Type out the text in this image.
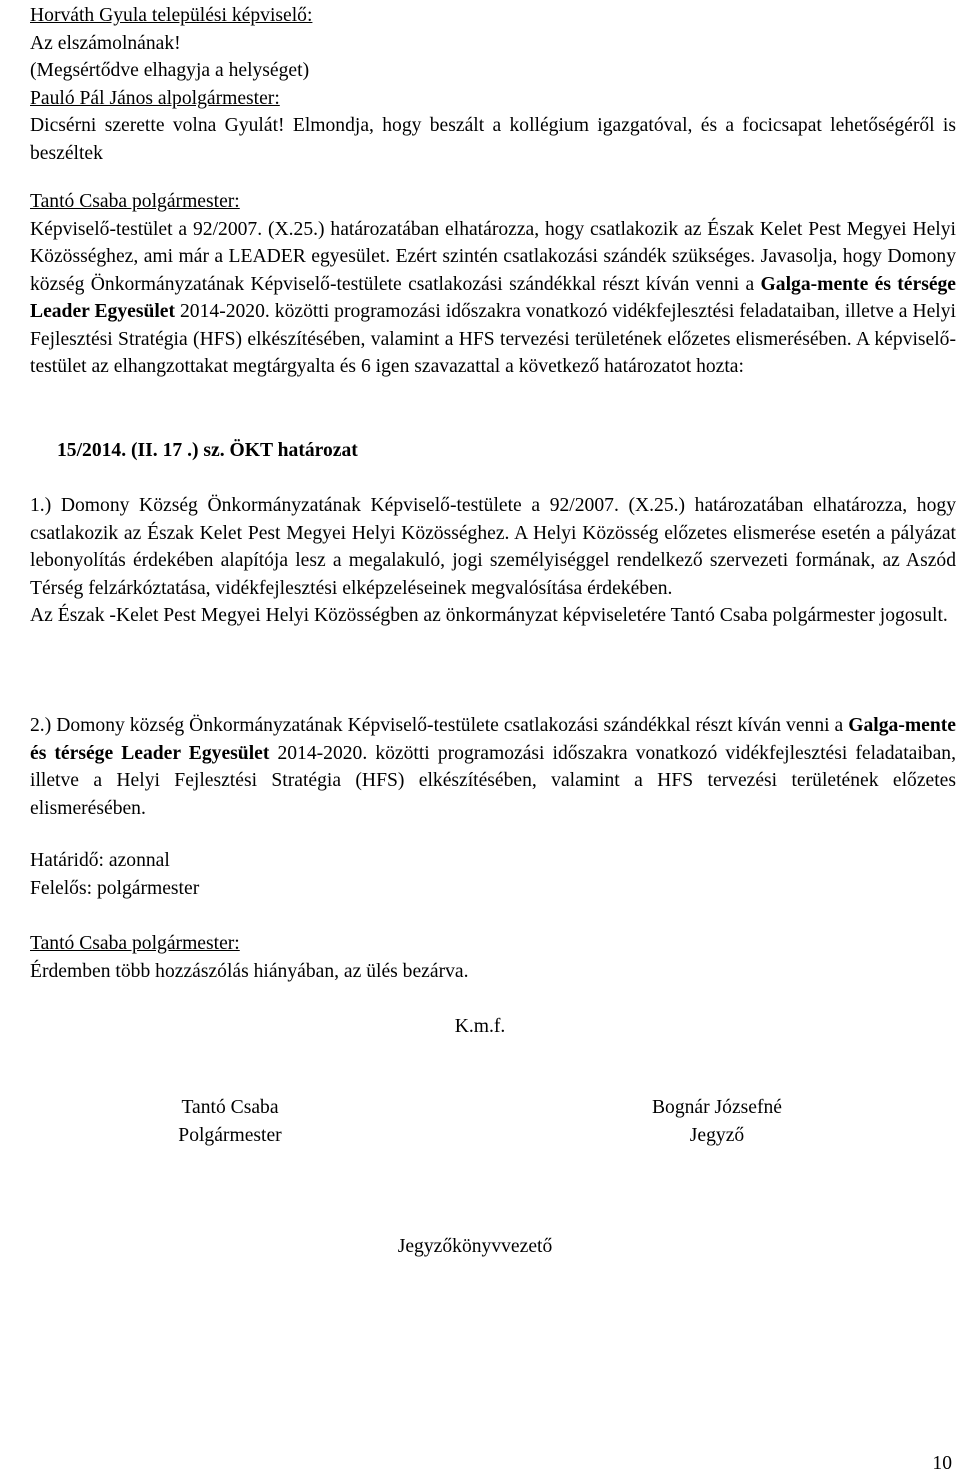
Horváth Gyula települési képviselő:
Az elszámolnának!
(Megsértődve elhagyja a helységet)
Pauló Pál János alpolgármester:
Dicsérni szerette volna Gyulát! Elmondja, hogy beszált a kollégium igazgatóval, és a focicsapat lehetőségéről is beszéltek
Tantó Csaba polgármester:
Képviselő-testület a 92/2007. (X.25.) határozatában elhatározza, hogy csatlakozik az Észak Kelet Pest Megyei Helyi Közösséghez, ami már a LEADER egyesület. Ezért szintén csatlakozási szándék szükséges. Javasolja, hogy Domony község Önkormányzatának Képviselő-testülete csatlakozási szándékkal részt kíván venni a Galga-mente és térsége Leader Egyesület 2014-2020. közötti programozási időszakra vonatkozó vidékfejlesztési feladataiban, illetve a Helyi Fejlesztési Stratégia (HFS) elkészítésében, valamint a HFS tervezési területének előzetes elismerésében. A képviselő-testület az elhangzottakat megtárgyalta és 6 igen szavazattal a következő határozatot hozta:
15/2014. (II. 17 .) sz. ÖKT határozat
1.) Domony Község Önkormányzatának Képviselő-testülete a 92/2007. (X.25.) határozatában elhatározza, hogy csatlakozik az Észak Kelet Pest Megyei Helyi Közösséghez. A Helyi Közösség előzetes elismerése esetén a pályázat lebonyolítás érdekében alapítója lesz a megalakuló, jogi személyiséggel rendelkező szervezeti formának, az Aszód Térség felzárkóztatása, vidékfejlesztési elképzeléseinek megvalósítása érdekében.
Az Észak -Kelet Pest Megyei Helyi Közösségben az önkormányzat képviseletére Tantó Csaba polgármester jogosult.
2.) Domony község Önkormányzatának Képviselő-testülete csatlakozási szándékkal részt kíván venni a Galga-mente és térsége Leader Egyesület 2014-2020. közötti programozási időszakra vonatkozó vidékfejlesztési feladataiban, illetve a Helyi Fejlesztési Stratégia (HFS) elkészítésében, valamint a HFS tervezési területének előzetes elismerésében.
Határidő: azonnal
Felelős: polgármester
Tantó Csaba polgármester:
Érdemben több hozzászólás hiányában, az ülés bezárva.
K.m.f.
Tantó Csaba
Polgármester
Bognár Józsefné
Jegyző
Jegyzőkönyvvezető
10
